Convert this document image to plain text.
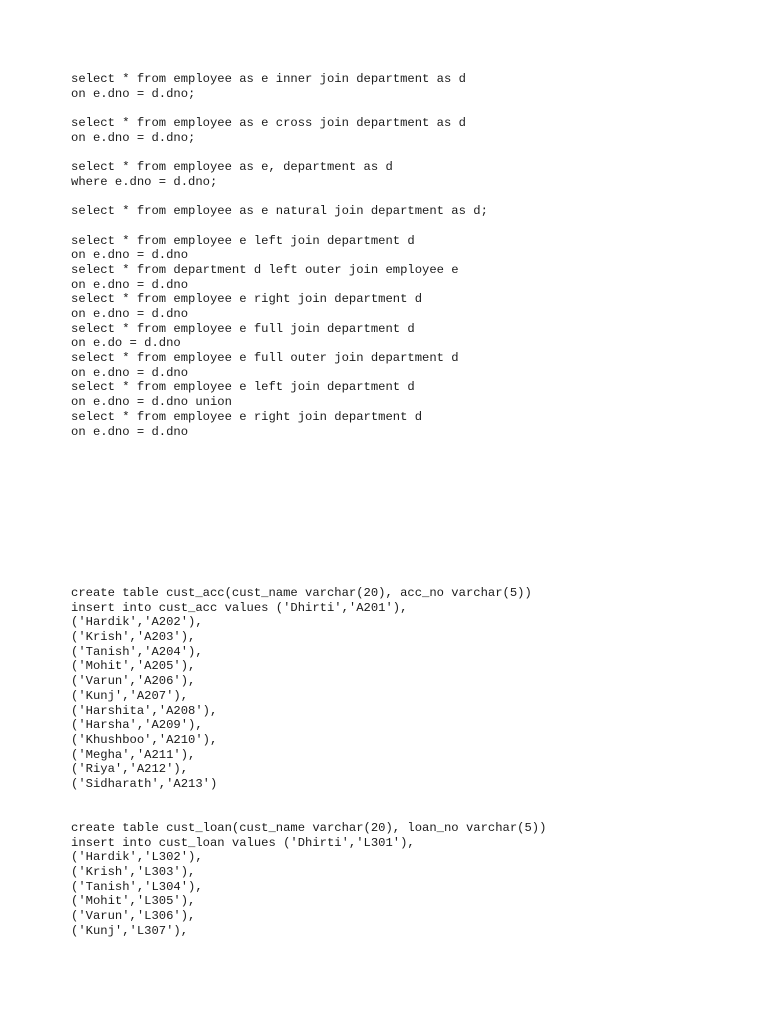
select * from employee as e inner join department as d
on e.dno = d.dno;
select * from employee as e cross join department as d
on e.dno = d.dno;
select * from employee as e, department as d
where e.dno = d.dno;
select * from employee as e natural join department as d;
select * from employee e left join department d
on e.dno = d.dno
select * from department d left outer join employee e
on e.dno = d.dno
select * from employee e right join department d
on e.dno = d.dno
select * from employee e full join department d
on e.do = d.dno
select * from employee e full outer join department d
on e.dno = d.dno
select * from employee e left join department d
on e.dno = d.dno union
select * from employee e right join department d
on e.dno = d.dno
create table cust_acc(cust_name varchar(20), acc_no varchar(5))
insert into cust_acc values ('Dhirti','A201'),
('Hardik','A202'),
('Krish','A203'),
('Tanish','A204'),
('Mohit','A205'),
('Varun','A206'),
('Kunj','A207'),
('Harshita','A208'),
('Harsha','A209'),
('Khushboo','A210'),
('Megha','A211'),
('Riya','A212'),
('Sidharath','A213')
create table cust_loan(cust_name varchar(20), loan_no varchar(5))
insert into cust_loan values ('Dhirti','L301'),
('Hardik','L302'),
('Krish','L303'),
('Tanish','L304'),
('Mohit','L305'),
('Varun','L306'),
('Kunj','L307'),
